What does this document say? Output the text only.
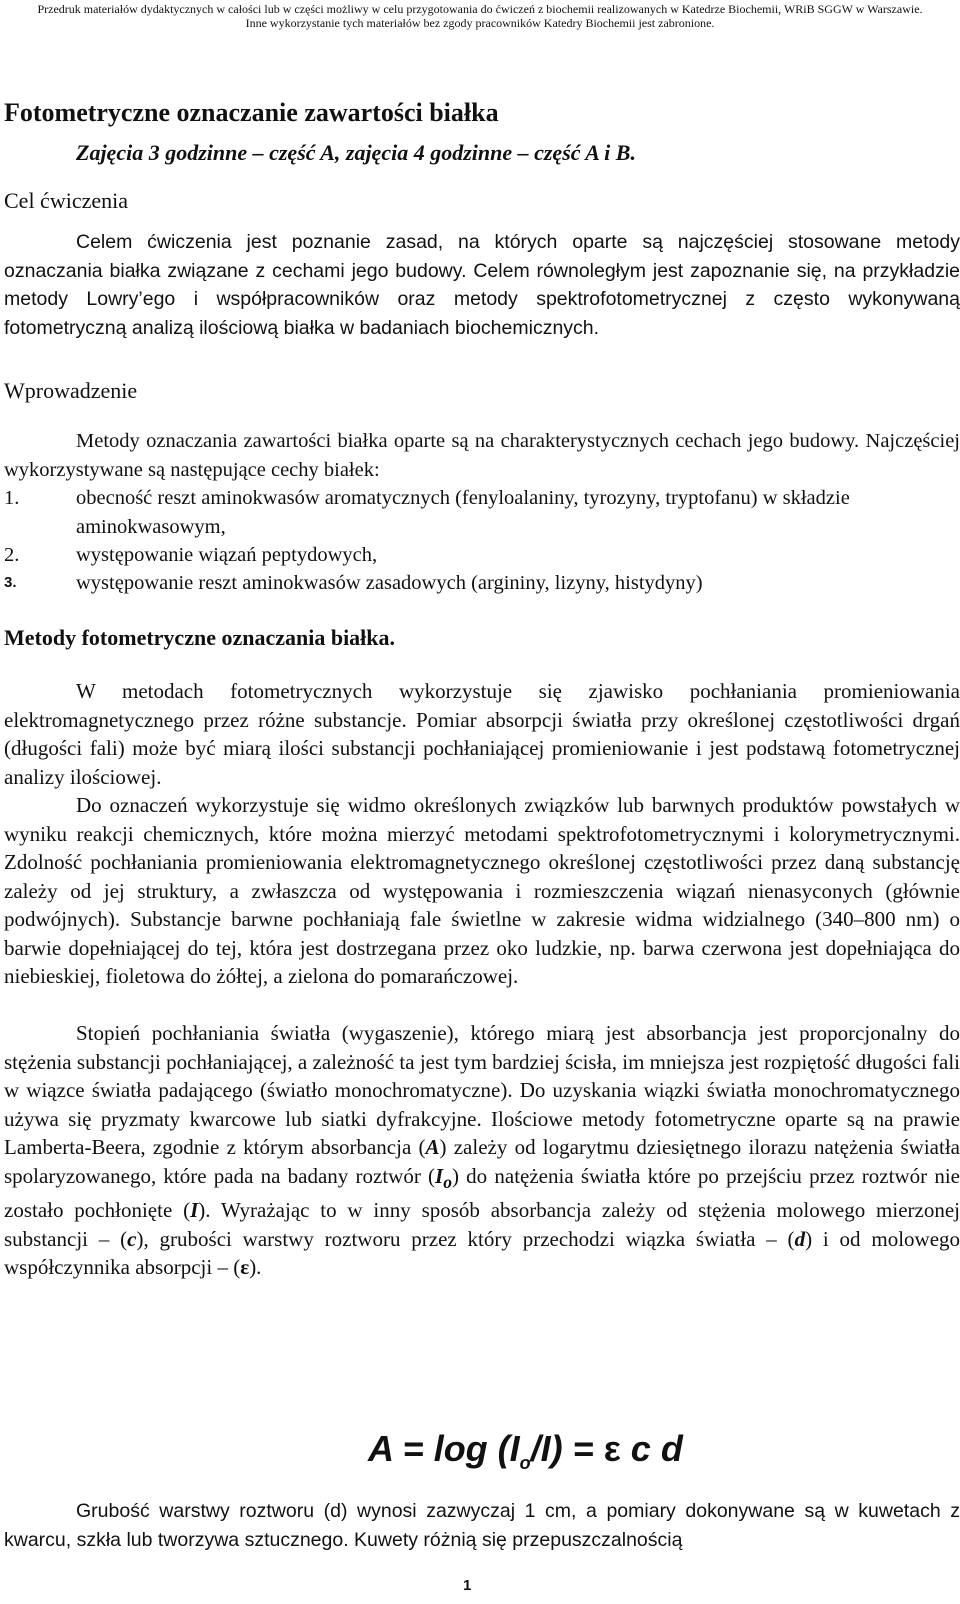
Przedruk materiałów dydaktycznych w całości lub w części możliwy w celu przygotowania do ćwiczeń z biochemii realizowanych w Katedrze Biochemii, WRiB SGGW w Warszawie.
Inne wykorzystanie tych materiałów bez zgody pracowników Katedry Biochemii jest zabronione.
Fotometryczne oznaczanie zawartości białka
Zajęcia 3 godzinne – część A, zajęcia 4 godzinne – część A i B.
Cel ćwiczenia
Celem ćwiczenia jest poznanie zasad, na których oparte są najczęściej stosowane metody oznaczania białka związane z cechami jego budowy. Celem równoległym jest zapoznanie się, na przykładzie metody Lowry’ego i współpracowników oraz metody spektrofotometrycznej z często wykonywaną fotometryczną analizą ilościową białka w badaniach biochemicznych.
Wprowadzenie
Metody oznaczania zawartości białka oparte są na charakterystycznych cechach jego budowy. Najczęściej wykorzystywane są następujące cechy białek:
1.	obecność reszt aminokwasów aromatycznych (fenyloalaniny, tyrozyny, tryptofanu) w składzie aminokwasowym,
2.	występowanie wiązań peptydowych,
3.	występowanie reszt aminokwasów zasadowych (argininy, lizyny, histydyny)
Metody fotometryczne oznaczania białka.
W metodach fotometrycznych wykorzystuje się zjawisko pochłaniania promieniowania elektromagnetycznego przez różne substancje. Pomiar absorpcji światła przy określonej częstotliwości drgań (długości fali) może być miarą ilości substancji pochłaniającej promieniowanie i jest podstawą fotometrycznej analizy ilościowej.
Do oznaczeń wykorzystuje się widmo określonych związków lub barwnych produktów powstałych w wyniku reakcji chemicznych, które można mierzyć metodami spektrofotometrycznymi i kolorymetrycznymi. Zdolność pochłaniania promieniowania elektromagnetycznego określonej częstotliwości przez daną substancję zależy od jej struktury, a zwłaszcza od występowania i rozmieszczenia wiązań nienasyconych (głównie podwójnych). Substancje barwne pochłaniają fale świetlne w zakresie widma widzialnego (340–800 nm) o barwie dopełniającej do tej, która jest dostrzegana przez oko ludzkie, np. barwa czerwona jest dopełniająca do niebieskiej, fioletowa do żółtej, a zielona do pomarańczowej.
Stopień pochłaniania światła (wygaszenie), którego miarą jest absorbancja jest proporcjonalny do stężenia substancji pochłaniającej, a zależność ta jest tym bardziej ścisła, im mniejsza jest rozpiętość długości fali w wiązce światła padającego (światło monochromatyczne). Do uzyskania wiązki światła monochromatycznego używa się pryzmaty kwarcowe lub siatki dyfrakcyjne. Ilościowe metody fotometryczne oparte są na prawie Lamberta-Beera, zgodnie z którym absorbancja (A) zależy od logarytmu dziesiętnego ilorazu natężenia światła spolaryzowanego, które pada na badany roztwór $(I_o)$ do natężenia światła które po przejściu przez roztwór nie zostało pochłonięte (I). Wyrażając to w inny sposób absorbancja zależy od stężenia molowego mierzonej substancji – (c), grubości warstwy roztworu przez który przechodzi wiązka światła – (d) i od molowego współczynnika absorpcji – (ε).
$A = \log (I_o/I) = \varepsilon$ c d
Grubość warstwy roztworu (d) wynosi zazwyczaj 1 cm, a pomiary dokonywane są w kuwetach z kwarcu, szkła lub tworzywa sztucznego. Kuwety różnią się przepuszczalnością
1
